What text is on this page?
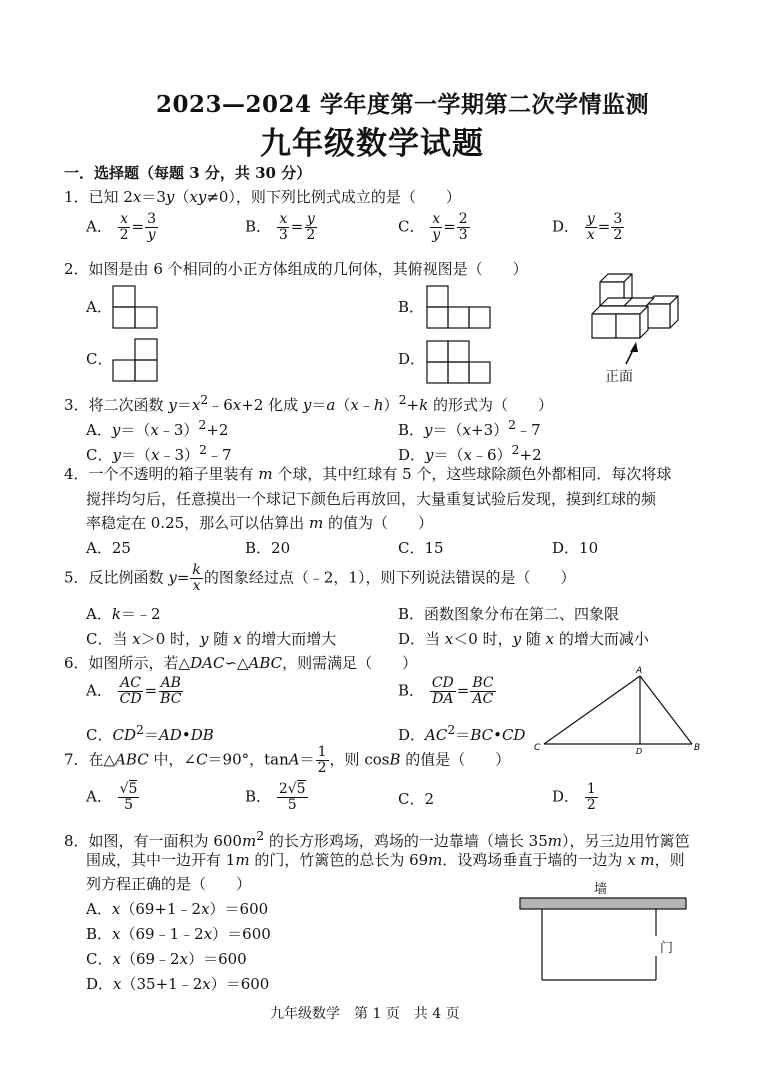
2023—2024 学年度第一学期第二次学情监测
九年级数学试题
一．选择题（每题 3 分，共 30 分）
1．已知 2x＝3y（xy≠0），则下列比例式成立的是（　　）
A． $\frac{x}{2} = \frac{3}{y}$	B． $\frac{x}{3} = \frac{y}{2}$	C． $\frac{x}{y} = \frac{2}{3}$	D． $\frac{y}{x} = \frac{3}{2}$
2．如图是由 6 个相同的小正方体组成的几何体，其俯视图是（　　）
A．	B．
C．	D．
正面
3．将二次函数 $y=x^2﹣6x+2$ 化成 y＝a（x﹣h）$^2$+k 的形式为（　　）
A．y＝（x﹣3）$^2$+2	B．$y=(x+3)^2﹣7$
C．y＝（x﹣3）$^2$﹣7	D．y＝（x﹣6）$^2$+2
4．一个不透明的箱子里装有 m 个球，其中红球有 5 个，这些球除颜色外都相同．每次将球
搅拌均匀后，任意摸出一个球记下颜色后再放回，大量重复试验后发现，摸到红球的频
率稳定在 0.25，那么可以估算出 m 的值为（　　）
A．25	B．20	C．15	D．10
5．反比例函数 $y= \frac{k}{x}$ 的图象经过点（﹣2，1），则下列说法错误的是（　　）
A．k＝﹣2	B．函数图象分布在第二、四象限
C．当 x＞0 时，y 随 x 的增大而增大	D．当 x＜0 时，y 随 x 的增大而减小
6．如图所示，若△DAC∽△ABC，则需满足（　　）
A． $\frac{AC}{CD} = \frac{AB}{BC}$	B． $\frac{CD}{DA} = \frac{BC}{AC}$
C．$CD^2=AD•DB$	D．$AC^2=BC•CD$
A
B
C	D
7．在△ABC 中，∠C＝90°，$\tan A= \frac{1}{2}$ ，则 cosB 的值是（　　）
A． $\frac{√5}{5}$	B． $\frac{2√5}{5}$	C．2	D． $\frac{1}{2}$
8．如图，有一面积为 $600m^2$ 的长方形鸡场，鸡场的一边靠墙（墙长 35m），另三边用竹篱笆
围成，其中一边开有 1m 的门，竹篱笆的总长为 69m．设鸡场垂直于墙的一边为 x m，则
列方程正确的是（　　）
A．x（69+1﹣2x）＝600
B．x（69﹣1﹣2x）＝600
C．x（69﹣2x）＝600
D．x（35+1﹣2x）＝600
墙
门
九年级数学　第 1 页　共 4 页
